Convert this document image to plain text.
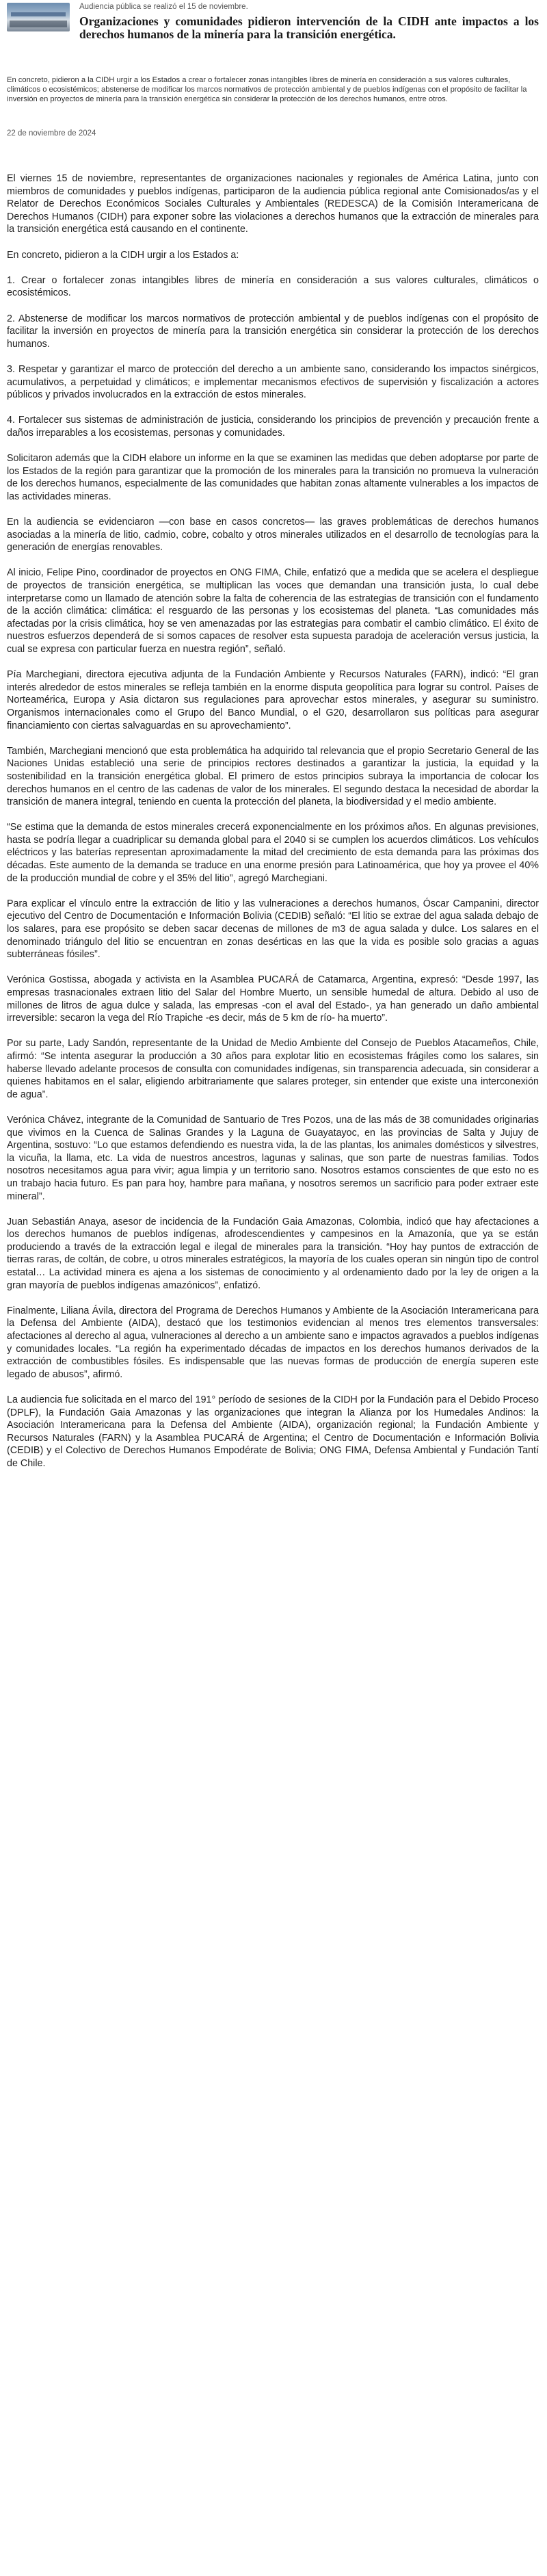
Audiencia pública se realizó el 15 de noviembre.
Organizaciones y comunidades pidieron intervención de la CIDH ante impactos a los derechos humanos de la minería para la transición energética.
En concreto, pidieron a la CIDH urgir a los Estados a crear o fortalecer zonas intangibles libres de minería en consideración a sus valores culturales, climáticos o ecosistémicos; abstenerse de modificar los marcos normativos de protección ambiental y de pueblos indígenas con el propósito de facilitar la inversión en proyectos de minería para la transición energética sin considerar la protección de los derechos humanos, entre otros.
22 de noviembre de 2024

El viernes 15 de noviembre, representantes de organizaciones nacionales y regionales de América Latina, junto con miembros de comunidades y pueblos indígenas, participaron de la audiencia pública regional ante Comisionados/as y el Relator de Derechos Económicos Sociales Culturales y Ambientales (REDESCA) de la Comisión Interamericana de Derechos Humanos (CIDH) para exponer sobre las violaciones a derechos humanos que la extracción de minerales para la transición energética está causando en el continente.

En concreto, pidieron a la CIDH urgir a los Estados a:

1. Crear o fortalecer zonas intangibles libres de minería en consideración a sus valores culturales, climáticos o ecosistémicos.

2. Abstenerse de modificar los marcos normativos de protección ambiental y de pueblos indígenas con el propósito de facilitar la inversión en proyectos de minería para la transición energética sin considerar la protección de los derechos humanos.

3. Respetar y garantizar el marco de protección del derecho a un ambiente sano, considerando los impactos sinérgicos, acumulativos, a perpetuidad y climáticos; e implementar mecanismos efectivos de supervisión y fiscalización a actores públicos y privados involucrados en la extracción de estos minerales.

4. Fortalecer sus sistemas de administración de justicia, considerando los principios de prevención y precaución frente a daños irreparables a los ecosistemas, personas y comunidades.

Solicitaron además que la CIDH elabore un informe en la que se examinen las medidas que deben adoptarse por parte de los Estados de la región para garantizar que la promoción de los minerales para la transición no promueva la vulneración de los derechos humanos, especialmente de las comunidades que habitan zonas altamente vulnerables a los impactos de las actividades mineras.

En la audiencia se evidenciaron —con base en casos concretos— las graves problemáticas de derechos humanos asociadas a la minería de litio, cadmio, cobre, cobalto y otros minerales utilizados en el desarrollo de tecnologías para la generación de energías renovables.

Al inicio, Felipe Pino, coordinador de proyectos en ONG FIMA, Chile, enfatizó que a medida que se acelera el despliegue de proyectos de transición energética, se multiplican las voces que demandan una transición justa, lo cual debe interpretarse como un llamado de atención sobre la falta de coherencia de las estrategias de transición con el fundamento de la acción climática: climática: el resguardo de las personas y los ecosistemas del planeta. “Las comunidades más afectadas por la crisis climática, hoy se ven amenazadas por las estrategias para combatir el cambio climático. El éxito de nuestros esfuerzos dependerá de si somos capaces de resolver esta supuesta paradoja de aceleración versus justicia, la cual se expresa con particular fuerza en nuestra región”, señaló.

Pía Marchegiani, directora ejecutiva adjunta de la Fundación Ambiente y Recursos Naturales (FARN), indicó: “El gran interés alrededor de estos minerales se refleja también en la enorme disputa geopolítica para lograr su control. Países de Norteamérica, Europa y Asia dictaron sus regulaciones para aprovechar estos minerales, y asegurar su suministro. Organismos internacionales como el Grupo del Banco Mundial, o el G20, desarrollaron sus políticas para asegurar financiamiento con ciertas salvaguardas en su aprovechamiento”.

También, Marchegiani mencionó que esta problemática ha adquirido tal relevancia que el propio Secretario General de las Naciones Unidas estableció una serie de principios rectores destinados a garantizar la justicia, la equidad y la sostenibilidad en la transición energética global. El primero de estos principios subraya la importancia de colocar los derechos humanos en el centro de las cadenas de valor de los minerales. El segundo destaca la necesidad de abordar la transición de manera integral, teniendo en cuenta la protección del planeta, la biodiversidad y el medio ambiente.

“Se estima que la demanda de estos minerales crecerá exponencialmente en los próximos años. En algunas previsiones, hasta se podría llegar a cuadriplicar su demanda global para el 2040 si se cumplen los acuerdos climáticos. Los vehículos eléctricos y las baterías representan aproximadamente la mitad del crecimiento de esta demanda para las próximas dos décadas. Este aumento de la demanda se traduce en una enorme presión para Latinoamérica, que hoy ya provee el 40% de la producción mundial de cobre y el 35% del litio”, agregó Marchegiani.

Para explicar el vínculo entre la extracción de litio y las vulneraciones a derechos humanos, Óscar Campanini, director ejecutivo del Centro de Documentación e Información Bolivia (CEDIB) señaló: “El litio se extrae del agua salada debajo de los salares, para ese propósito se deben sacar decenas de millones de m3 de agua salada y dulce. Los salares en el denominado triángulo del litio se encuentran en zonas desérticas en las que la vida es posible solo gracias a aguas subterráneas fósiles”.

Verónica Gostissa, abogada y activista en la Asamblea PUCARÁ de Catamarca, Argentina, expresó: “Desde 1997, las empresas trasnacionales extraen litio del Salar del Hombre Muerto, un sensible humedal de altura. Debido al uso de millones de litros de agua dulce y salada, las empresas -con el aval del Estado-, ya han generado un daño ambiental irreversible: secaron la vega del Río Trapiche -es decir, más de 5 km de río- ha muerto”.

Por su parte, Lady Sandón, representante de la Unidad de Medio Ambiente del Consejo de Pueblos Atacameños, Chile, afirmó: “Se intenta asegurar la producción a 30 años para explotar litio en ecosistemas frágiles como los salares, sin haberse llevado adelante procesos de consulta con comunidades indígenas, sin transparencia adecuada, sin considerar a quienes habitamos en el salar, eligiendo arbitrariamente que salares proteger, sin entender que existe una interconexión de agua”.

Verónica Chávez, integrante de la Comunidad de Santuario de Tres Pozos, una de las más de 38 comunidades originarias que vivimos en la Cuenca de Salinas Grandes y la Laguna de Guayatayoc, en las provincias de Salta y Jujuy de Argentina, sostuvo: “Lo que estamos defendiendo es nuestra vida, la de las plantas, los animales domésticos y silvestres, la vicuña, la llama, etc. La vida de nuestros ancestros, lagunas y salinas, que son parte de nuestras familias. Todos nosotros necesitamos agua para vivir; agua limpia y un territorio sano. Nosotros estamos conscientes de que esto no es un trabajo hacia futuro. Es pan para hoy, hambre para mañana, y nosotros seremos un sacrificio para poder extraer este mineral”.

Juan Sebastián Anaya, asesor de incidencia de la Fundación Gaia Amazonas, Colombia, indicó que hay afectaciones a los derechos humanos de pueblos indígenas, afrodescendientes y campesinos en la Amazonía, que ya se están produciendo a través de la extracción legal e ilegal de minerales para la transición. “Hoy hay puntos de extracción de tierras raras, de coltán, de cobre, u otros minerales estratégicos, la mayoría de los cuales operan sin ningún tipo de control estatal… La actividad minera es ajena a los sistemas de conocimiento y al ordenamiento dado por la ley de origen a la gran mayoría de pueblos indígenas amazónicos”, enfatizó.

Finalmente, Liliana Ávila, directora del Programa de Derechos Humanos y Ambiente de la Asociación Interamericana para la Defensa del Ambiente (AIDA), destacó que los testimonios evidencian al menos tres elementos transversales: afectaciones al derecho al agua, vulneraciones al derecho a un ambiente sano e impactos agravados a pueblos indígenas y comunidades locales. “La región ha experimentado décadas de impactos en los derechos humanos derivados de la extracción de combustibles fósiles. Es indispensable que las nuevas formas de producción de energía superen este legado de abusos”, afirmó.

La audiencia fue solicitada en el marco del 191° período de sesiones de la CIDH por la Fundación para el Debido Proceso (DPLF), la Fundación Gaia Amazonas y las organizaciones que integran la Alianza por los Humedales Andinos: la Asociación Interamericana para la Defensa del Ambiente (AIDA), organización regional; la Fundación Ambiente y Recursos Naturales (FARN) y la Asamblea PUCARÁ de Argentina; el Centro de Documentación e Información Bolivia (CEDIB) y el Colectivo de Derechos Humanos Empodérate de Bolivia; ONG FIMA, Defensa Ambiental y Fundación Tantí de Chile.
